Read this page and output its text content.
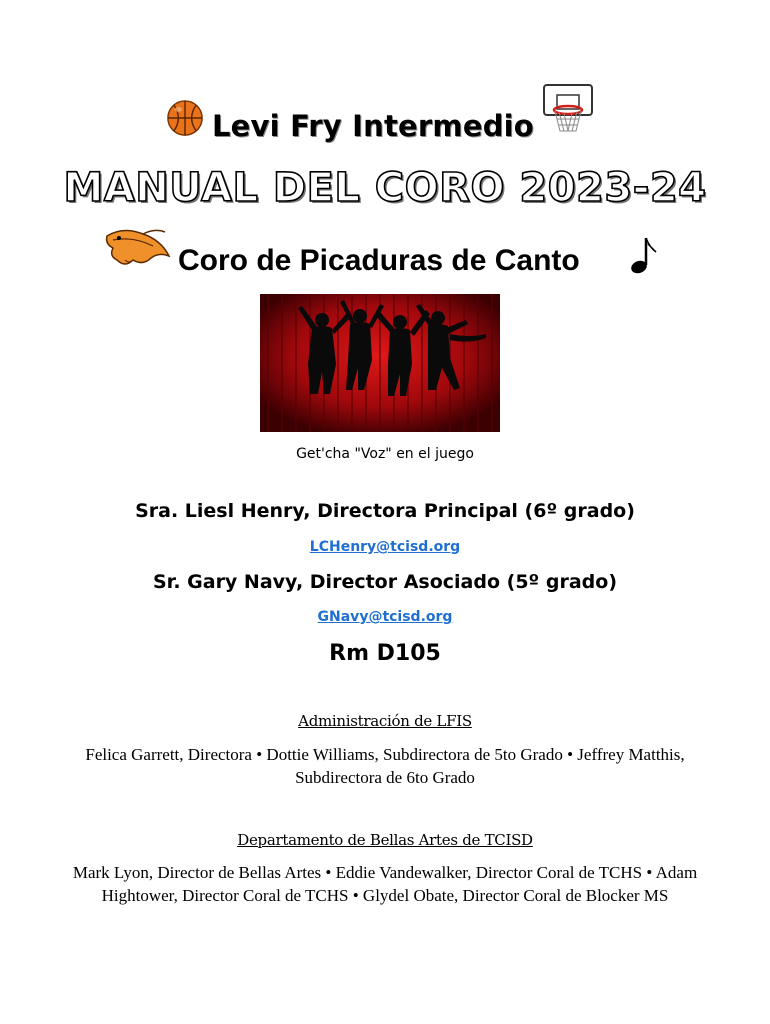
Levi Fry Intermedio
MANUAL DEL CORO 2023-24
Coro de Picaduras de Canto
Get'cha "Voz" en el juego
Sra. Liesl Henry, Directora Principal (6º grado)
LCHenry@tcisd.org
Sr. Gary Navy, Director Asociado (5º grado)
GNavy@tcisd.org
Rm D105
Administración de LFIS
Felica Garrett, Directora • Dottie Williams, Subdirectora de 5to Grado • Jeffrey Matthis, Subdirectora de 6to Grado
Departamento de Bellas Artes de TCISD
Mark Lyon, Director de Bellas Artes • Eddie Vandewalker, Director Coral de TCHS • Adam Hightower, Director Coral de TCHS • Glydel Obate, Director Coral de Blocker MS
